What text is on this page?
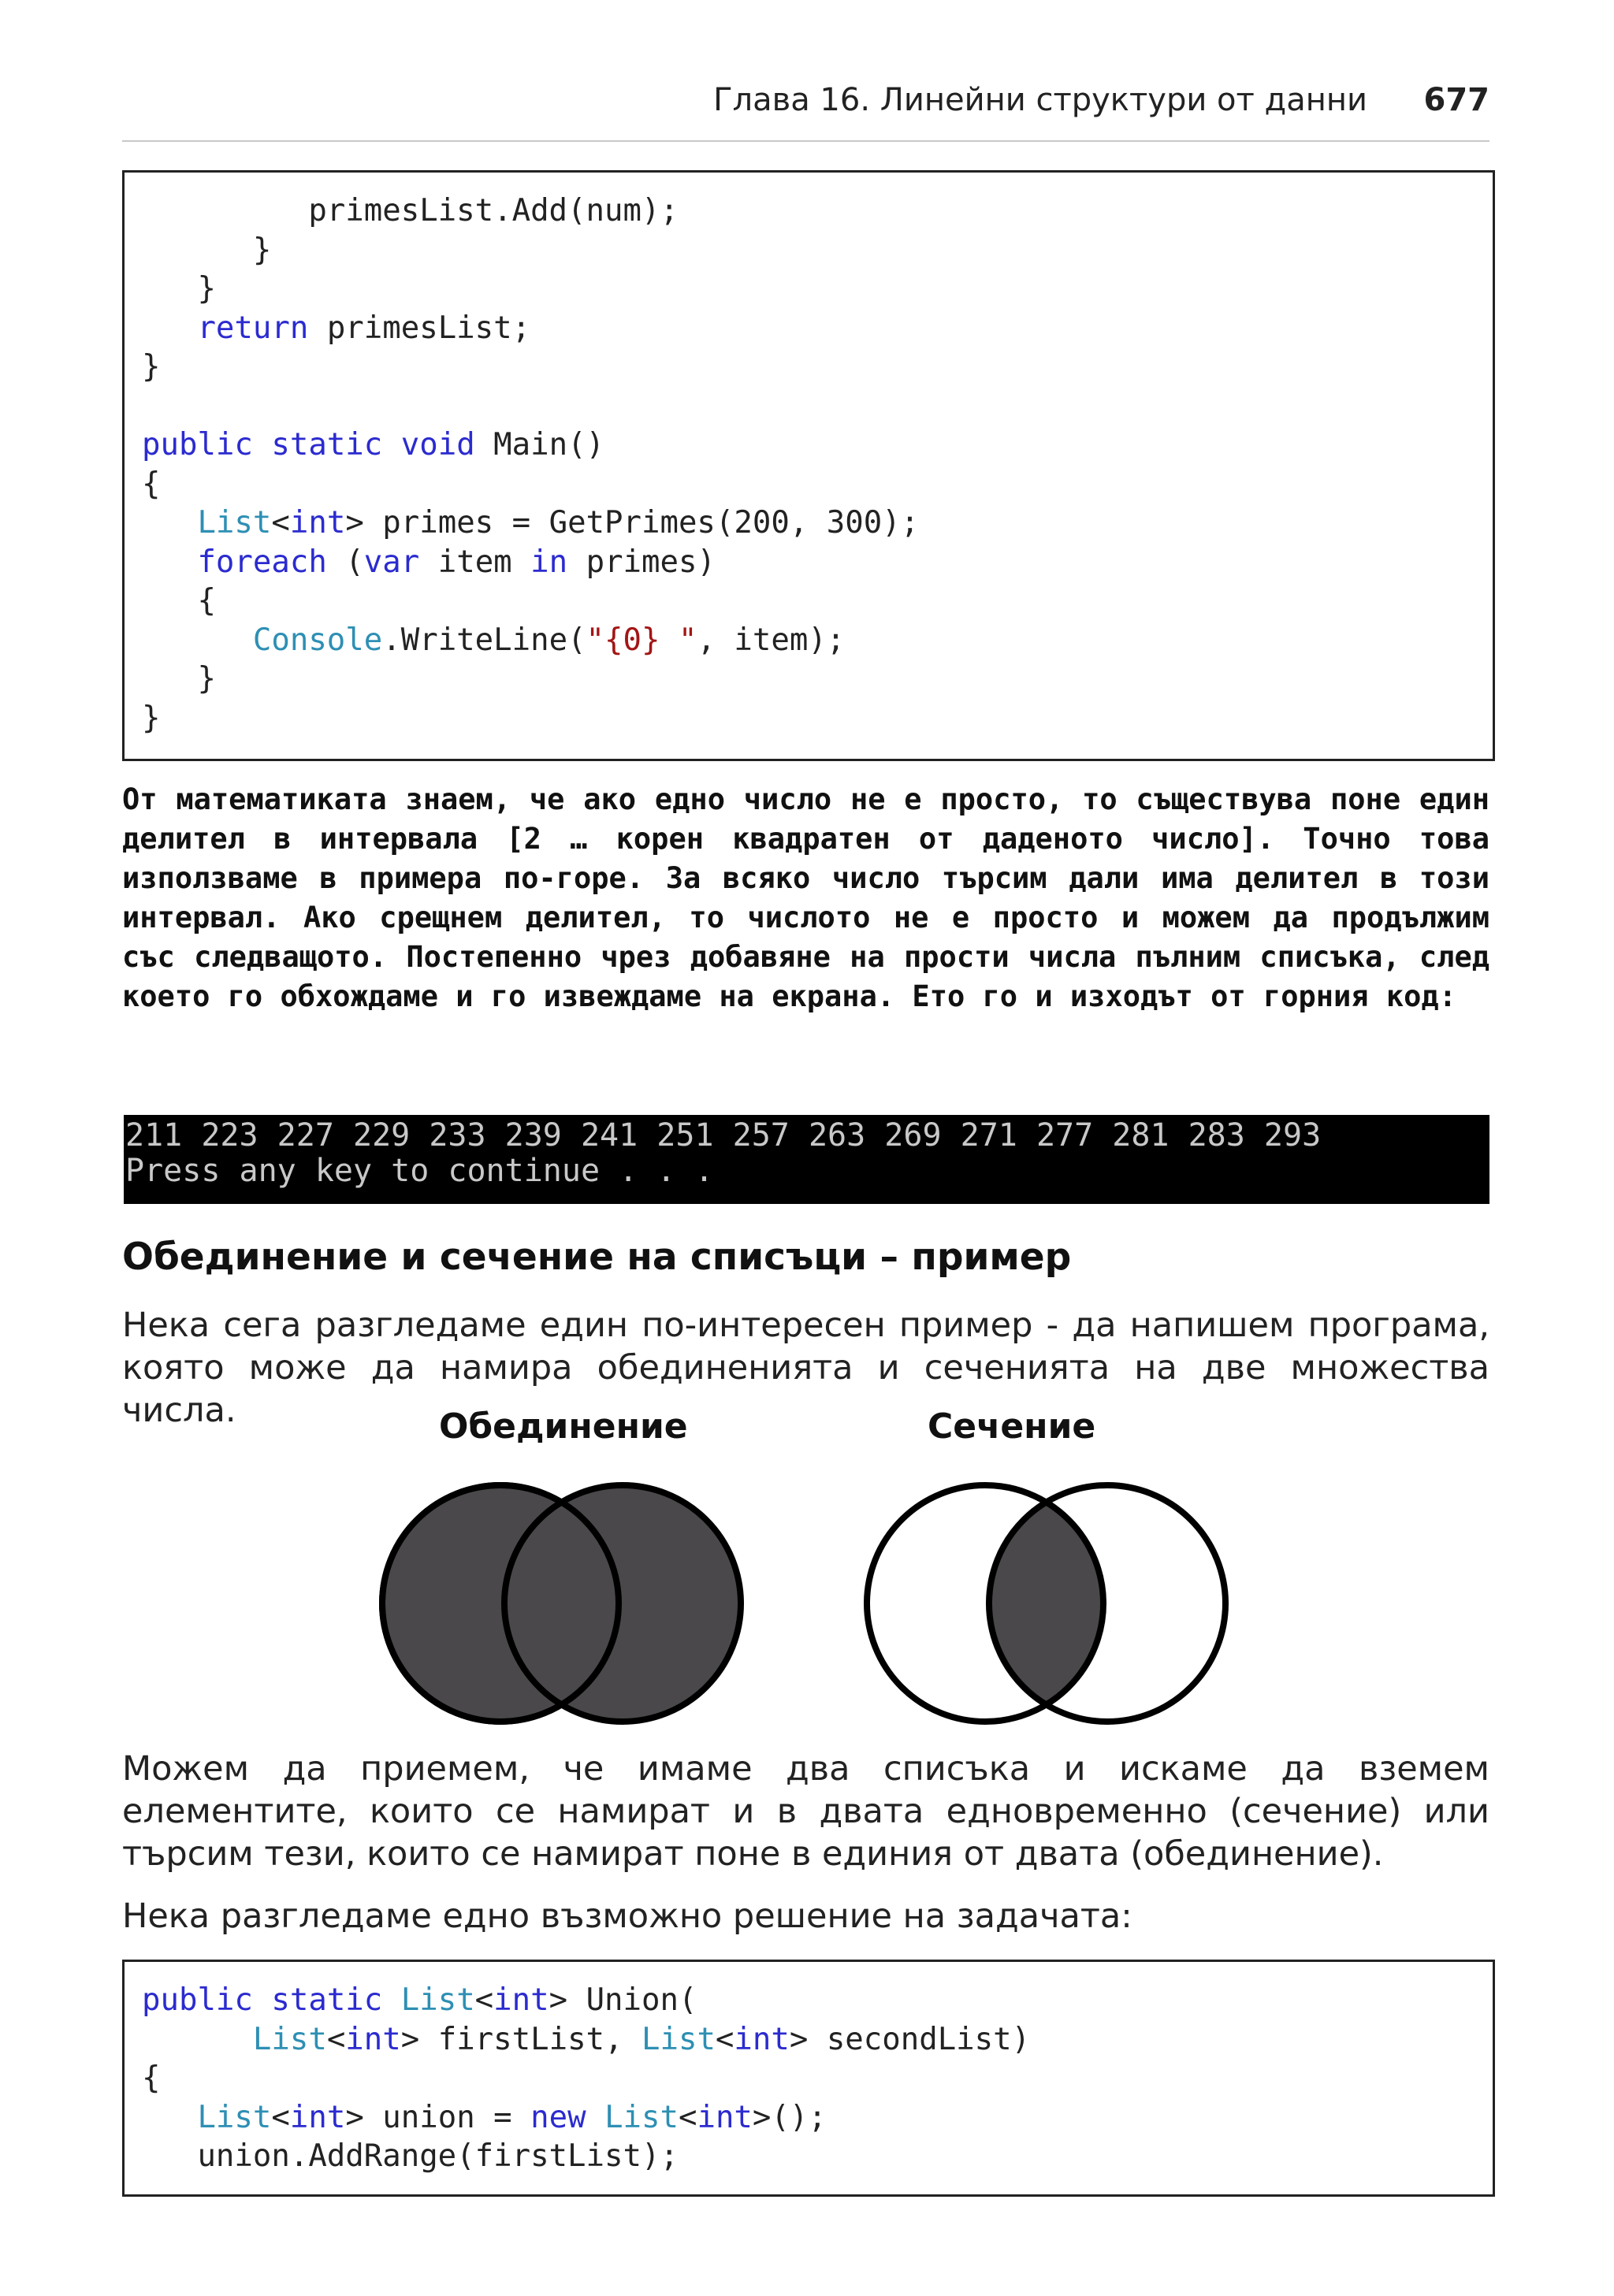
Глава 16. Линейни структури от данни 677
primesList.Add(num);
}
}
return primesList;
}

public static void Main()
{
List<int> primes = GetPrimes(200, 300);
foreach (var item in primes)
{
Console.WriteLine("{0} ", item);
}
}

От математиката знаем, че ако едно число не е просто, то съществува поне един делител в интервала [2 … корен квадратен от даденото число]. Точно това използваме в примера по-горе. За всяко число търсим дали има делител в този интервал. Ако срещнем делител, то числото не е просто и можем да продължим със следващото. Постепенно чрез добавяне на прости числа пълним списъка, след което го обхождаме и го извеждаме на екрана. Ето го и изходът от горния код:

211 223 227 229 233 239 241 251 257 263 269 271 277 281 283 293
Press any key to continue . . .
Обединение и сечение на списъци – пример

Нека сега разгледаме един по-интересен пример - да напишем програма, която може да намира обединенията и сеченията на две множества числа.	Обединение	Сечение

Можем да приемем, че имаме два списъка и искаме да вземем елементите, които се намират и в двата едновременно (сечение) или търсим тези, които се намират поне в единия от двата (обединение).

Нека разгледаме едно възможно решение на задачата:

public static List<int> Union(
List<int> firstList, List<int> secondList)
{
List<int> union = new List<int>();
union.AddRange(firstList);
